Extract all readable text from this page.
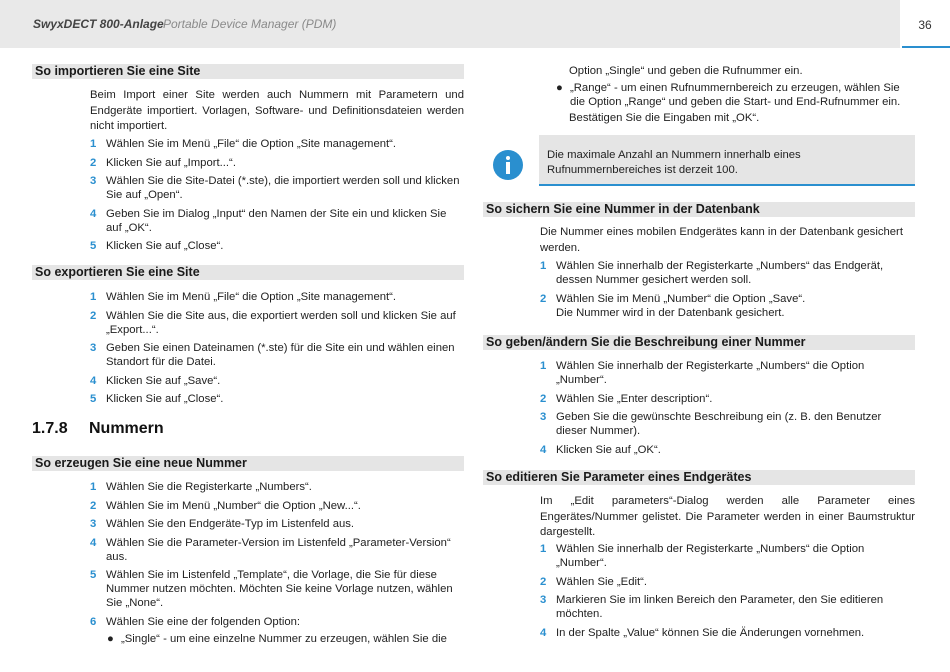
SwyxDECT 800-Anlage Portable Device Manager (PDM)	36
So importieren Sie eine Site
Beim Import einer Site werden auch Nummern mit Parametern und Endgeräte importiert. Vorlagen, Software- und Definitionsdateien werden nicht importiert.
1 Wählen Sie im Menü „File“ die Option „Site management“.
2 Klicken Sie auf „Import...“.
3 Wählen Sie die Site-Datei (*.ste), die importiert werden soll und klicken Sie auf „Open“.
4 Geben Sie im Dialog „Input“ den Namen der Site ein und klicken Sie auf „OK“.
5 Klicken Sie auf „Close“.
So exportieren Sie eine Site
1 Wählen Sie im Menü „File“ die Option „Site management“.
2 Wählen Sie die Site aus, die exportiert werden soll und klicken Sie auf „Export...“.
3 Geben Sie einen Dateinamen (*.ste) für die Site ein und wählen einen Standort für die Datei.
4 Klicken Sie auf „Save“.
5 Klicken Sie auf „Close“.
1.7.8 Nummern
So erzeugen Sie eine neue Nummer
1 Wählen Sie die Registerkarte „Numbers“.
2 Wählen Sie im Menü „Number“ die Option „New...“.
3 Wählen Sie den Endgeräte-Typ im Listenfeld aus.
4 Wählen Sie die Parameter-Version im Listenfeld „Parameter-Version“ aus.
5 Wählen Sie im Listenfeld „Template“, die Vorlage, die Sie für diese Nummer nutzen möchten. Möchten Sie keine Vorlage nutzen, wählen Sie „None“.
6 Wählen Sie eine der folgenden Option:
● „Single“ - um eine einzelne Nummer zu erzeugen, wählen Sie die
Option „Single“ und geben die Rufnummer ein.
● „Range“ - um einen Rufnummernbereich zu erzeugen, wählen Sie die Option „Range“ und geben die Start- und End-Rufnummer ein.
Bestätigen Sie die Eingaben mit „OK“.
Die maximale Anzahl an Nummern innerhalb eines Rufnummernbereiches ist derzeit 100.
So sichern Sie eine Nummer in der Datenbank
Die Nummer eines mobilen Endgerätes kann in der Datenbank gesichert werden.
1 Wählen Sie innerhalb der Registerkarte „Numbers“ das Endgerät, dessen Nummer gesichert werden soll.
2 Wählen Sie im Menü „Number“ die Option „Save“.
Die Nummer wird in der Datenbank gesichert.
So geben/ändern Sie die Beschreibung einer Nummer
1 Wählen Sie innerhalb der Registerkarte „Numbers“ die Option „Number“.
2 Wählen Sie „Enter description“.
3 Geben Sie die gewünschte Beschreibung ein (z. B. den Benutzer dieser Nummer).
4 Klicken Sie auf „OK“.
So editieren Sie Parameter eines Endgerätes
Im „Edit parameters“-Dialog werden alle Parameter eines Engerätes/Nummer gelistet. Die Parameter werden in einer Baumstruktur dargestellt.
1 Wählen Sie innerhalb der Registerkarte „Numbers“ die Option „Number“.
2 Wählen Sie „Edit“.
3 Markieren Sie im linken Bereich den Parameter, den Sie editieren möchten.
4 In der Spalte „Value“ können Sie die Änderungen vornehmen.
